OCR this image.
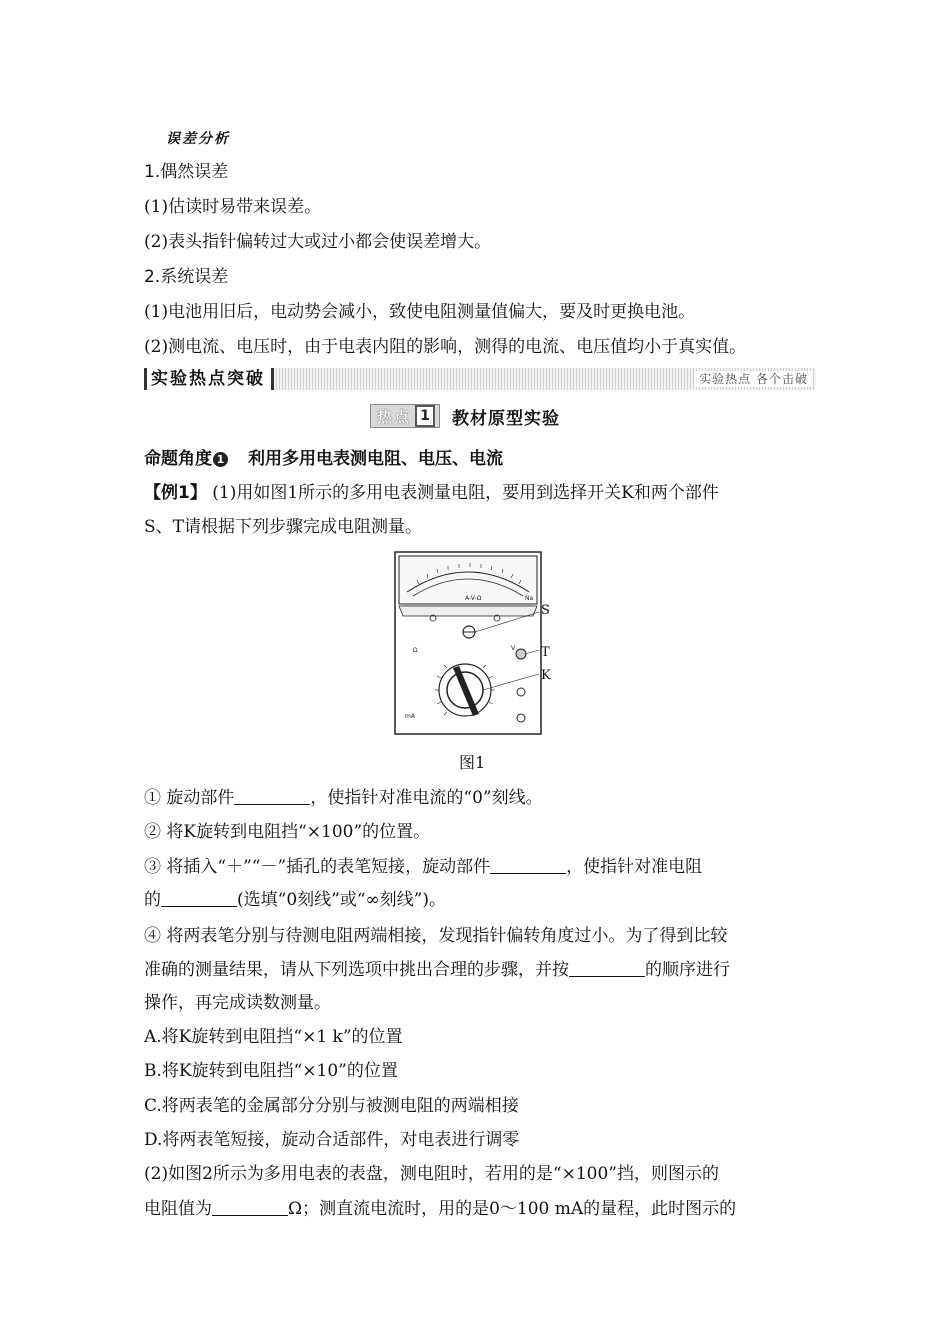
误差分析
1.偶然误差
(1)估读时易带来误差。
(2)表头指针偏转过大或过小都会使误差增大。
2.系统误差
(1)电池用旧后，电动势会减小，致使电阻测量值偏大，要及时更换电池。
(2)测电流、电压时，由于电表内阻的影响，测得的电流、电压值均小于真实值。
实验热点突破	实验热点 各个击破
热点 1	教材原型实验
命题角度 1 利用多用电表测电阻、电压、电流
【例1】 (1)用如图1所示的多用电表测量电阻，要用到选择开关K和两个部件
S、T请根据下列步骤完成电阻测量。
A-V-Ω	Na
V
Ω
mA
S
T
K
图1
① 旋动部件	，使指针对准电流的“0”刻线。
② 将K旋转到电阻挡“×100”的位置。
③ 将插入“＋”“－”插孔的表笔短接，旋动部件	，使指针对准电阻
的	(选填“0刻线”或“∞刻线”)。
④ 将两表笔分别与待测电阻两端相接，发现指针偏转角度过小。为了得到比较
准确的测量结果，请从下列选项中挑出合理的步骤，并按	的顺序进行
操作，再完成读数测量。
A.将K旋转到电阻挡“×1 k”的位置
B.将K旋转到电阻挡“×10”的位置
C.将两表笔的金属部分分别与被测电阻的两端相接
D.将两表笔短接，旋动合适部件，对电表进行调零
(2)如图2所示为多用电表的表盘，测电阻时，若用的是“×100”挡，则图示的
电阻值为	Ω；测直流电流时，用的是0～100 mA的量程，此时图示的
